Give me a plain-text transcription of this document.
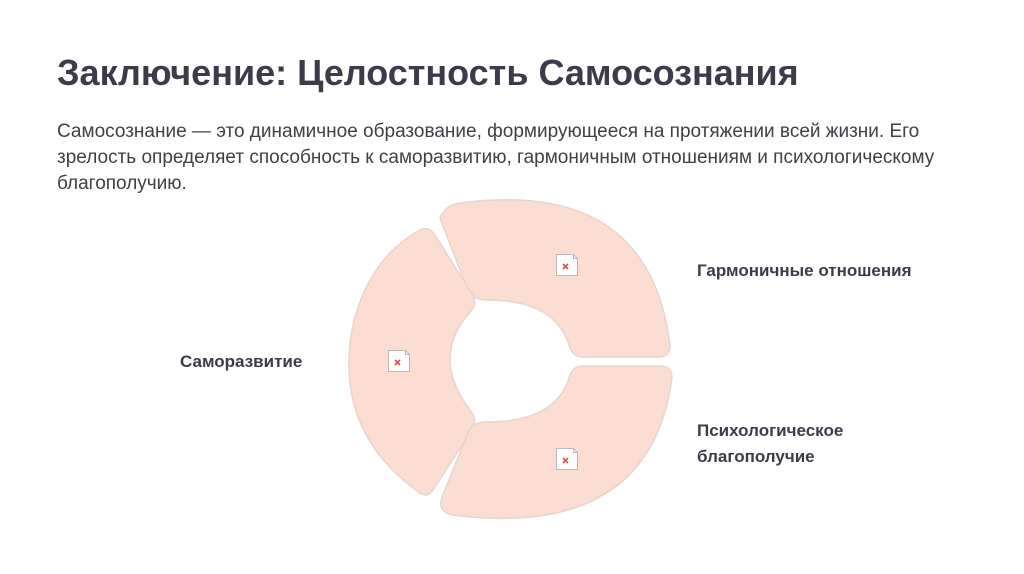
Заключение: Целостность Самосознания

Самосознание — это динамичное образование, формирующееся на протяжении всей жизни. Его зрелость определяет способность к саморазвитию, гармоничным отношениям и психологическому благополучию.

Гармоничные отношения
Саморазвитие
Психологическое
благополучие
